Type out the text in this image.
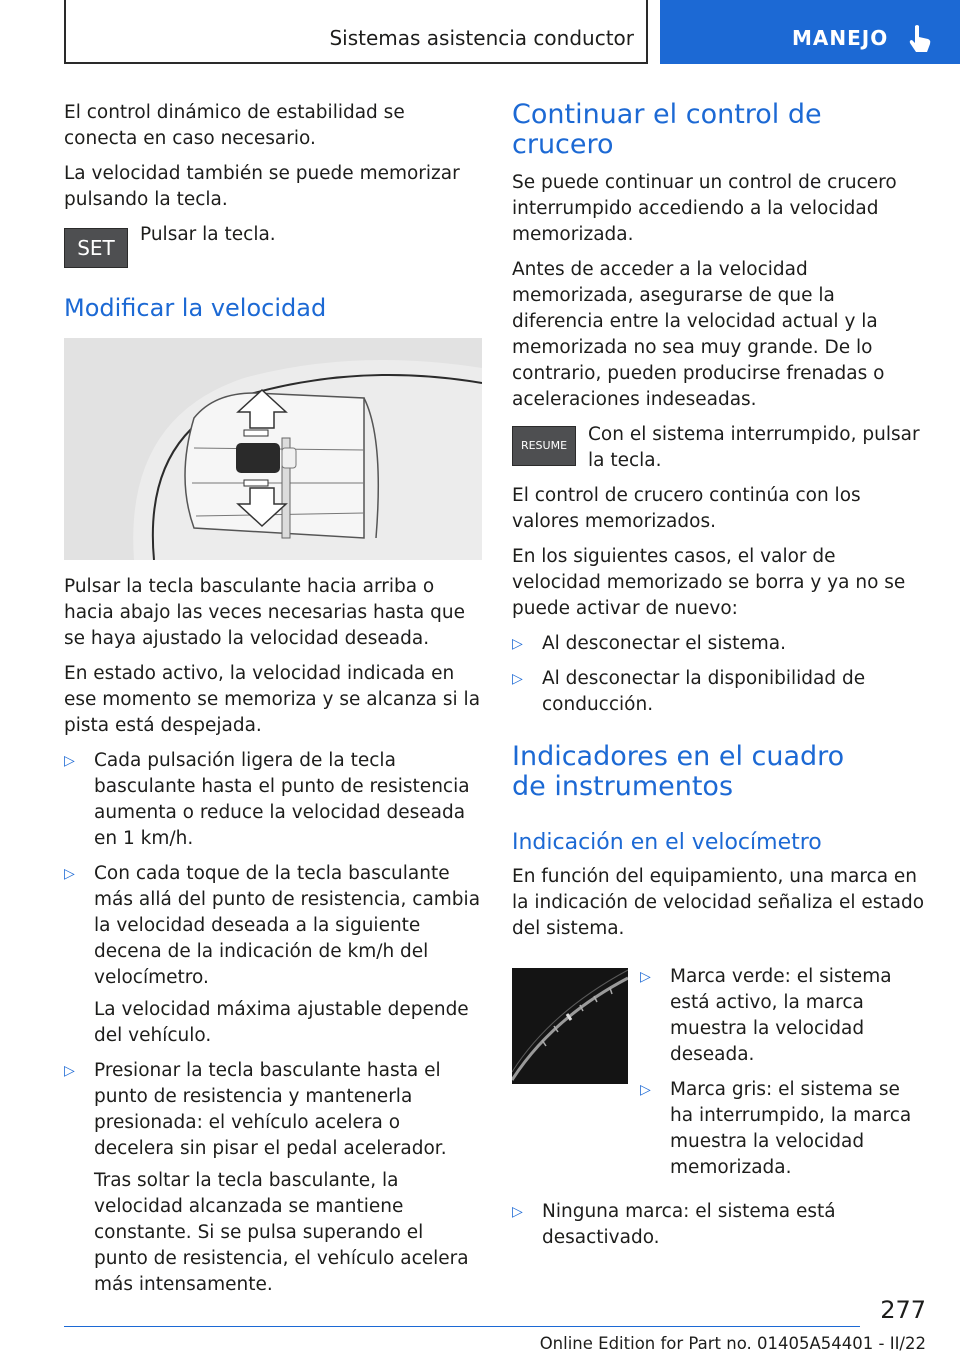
Sistemas asistencia conductor	MANEJO

El control dinámico de estabilidad se conecta en caso necesario.

La velocidad también se puede memorizar pulsando la tecla.

SET
Pulsar la tecla.
Modificar la velocidad

Pulsar la tecla basculante hacia arriba o hacia abajo las veces necesarias hasta que se haya ajustado la velocidad deseada.

En estado activo, la velocidad indicada en ese momento se memoriza y se alcanza si la pista está despejada.

▷ Cada pulsación ligera de la tecla basculante hasta el punto de resistencia aumenta o reduce la velocidad deseada en 1 km/h.
▷ Con cada toque de la tecla basculante más allá del punto de resistencia, cambia la velocidad deseada a la siguiente decena de la indicación de km/h del velocímetro.
La velocidad máxima ajustable depende del vehículo.
▷ Presionar la tecla basculante hasta el punto de resistencia y mantenerla presionada: el vehículo acelera o decelera sin pisar el pedal acelerador.
Tras soltar la tecla basculante, la velocidad alcanzada se mantiene constante. Si se pulsa superando el punto de resistencia, el vehículo acelera más intensamente.
Continuar el control de crucero

Se puede continuar un control de crucero interrumpido accediendo a la velocidad memorizada.

Antes de acceder a la velocidad memorizada, asegurarse de que la diferencia entre la velocidad actual y la memorizada no sea muy grande. De lo contrario, pueden producirse frenadas o aceleraciones indeseadas.

RESUME
Con el sistema interrumpido, pulsar la tecla.

El control de crucero continúa con los valores memorizados.

En los siguientes casos, el valor de velocidad memorizado se borra y ya no se puede activar de nuevo:

▷ Al desconectar el sistema.
▷ Al desconectar la disponibilidad de conducción.
Indicadores en el cuadro
de instrumentos
Indicación en el velocímetro

En función del equipamiento, una marca en la indicación de velocidad señaliza el estado del sistema.

▷ Marca verde: el sistema está activo, la marca muestra la velocidad deseada.
▷ Marca gris: el sistema se ha interrumpido, la marca muestra la velocidad memorizada.
▷ Ninguna marca: el sistema está desactivado.
277
Online Edition for Part no. 01405A54401 - II/22
